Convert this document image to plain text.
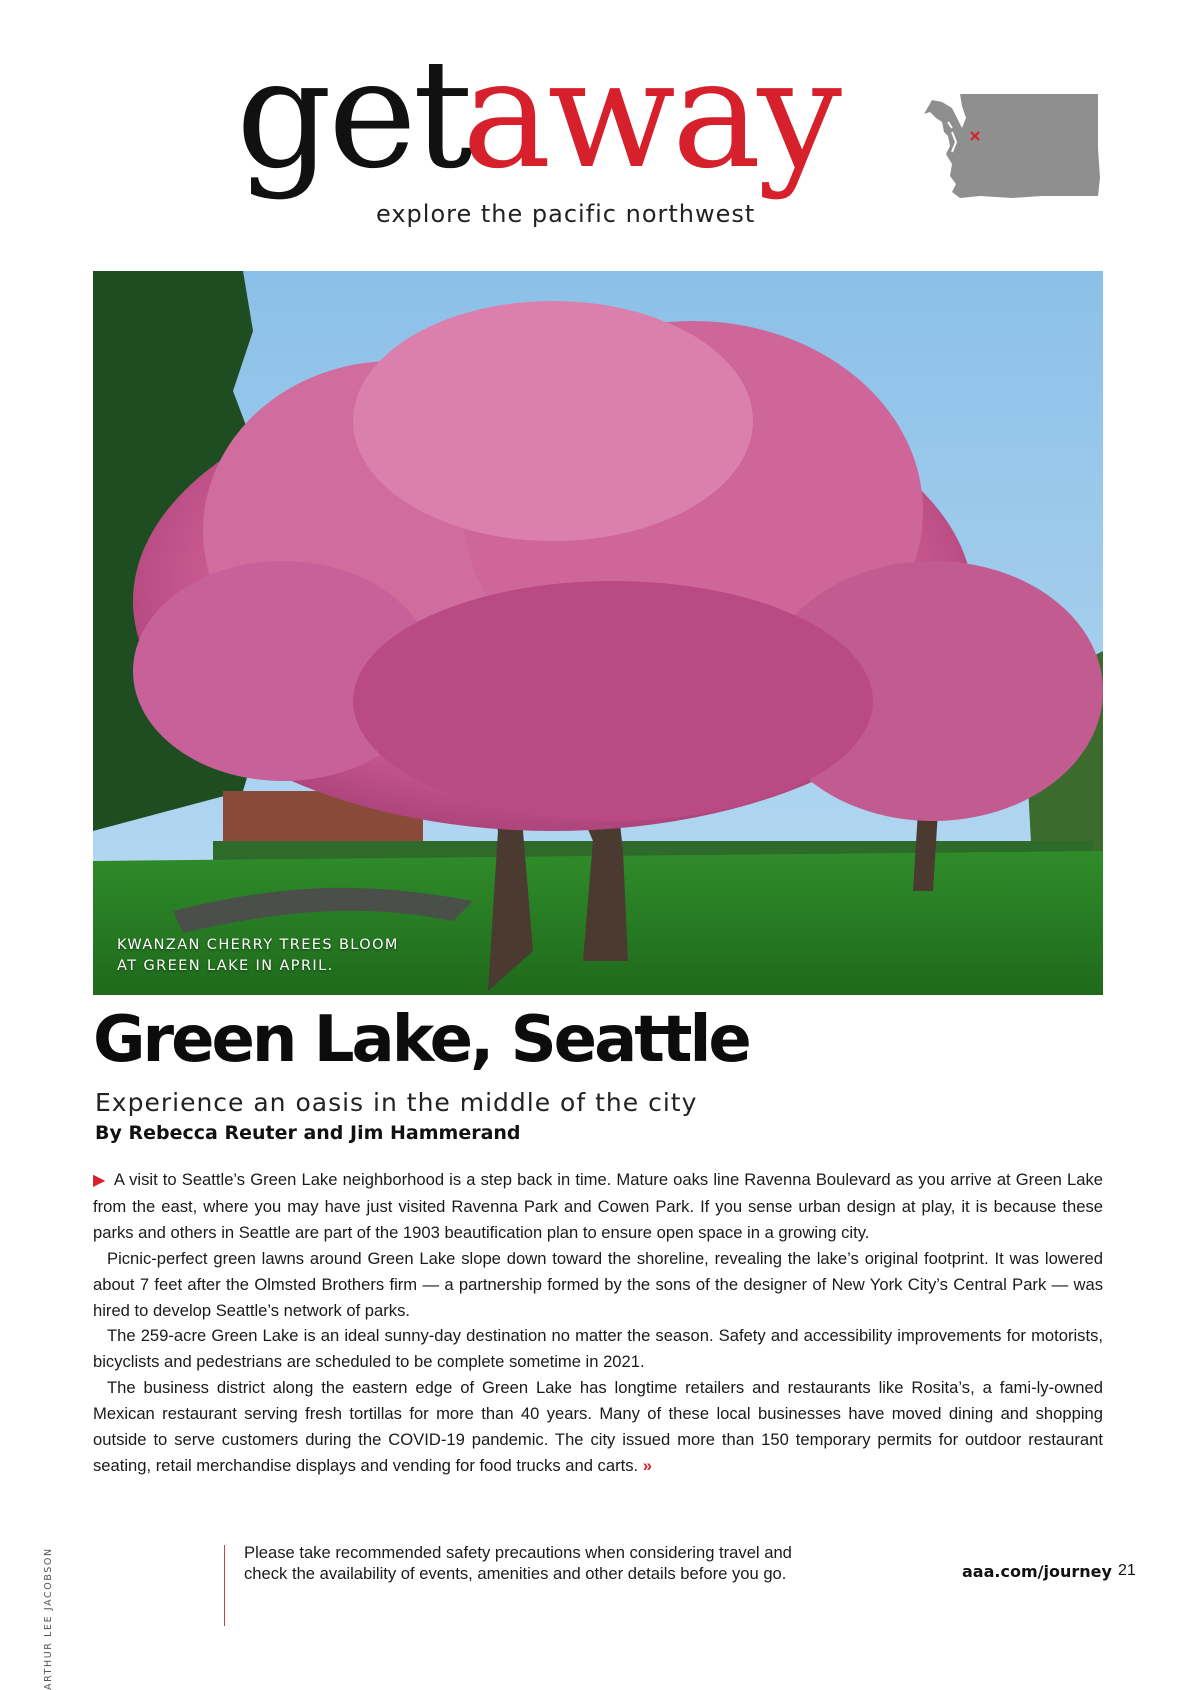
get
away
explore the pacific northwest
KWANZAN CHERRY TREES BLOOM
AT GREEN LAKE IN APRIL.
Green Lake, Seattle
Experience an oasis in the middle of the city
By Rebecca Reuter and Jim Hammerand

▶ A visit to Seattle’s Green Lake neighborhood is a step back in time. Mature oaks line Ravenna Boulevard as you arrive at Green Lake from the east, where you may have just visited Ravenna Park and Cowen Park. If you sense urban design at play, it is because these parks and others in Seattle are part of the 1903 beautification plan to ensure open space in a growing city.

Picnic-perfect green lawns around Green Lake slope down toward the shoreline, revealing the lake’s original footprint. It was lowered about 7 feet after the Olmsted Brothers firm — a partnership formed by the sons of the designer of New York City’s Central Park — was hired to develop Seattle’s network of parks.

The 259-acre Green Lake is an ideal sunny-day destination no matter the season. Safety and accessibility improvements for motorists, bicyclists and pedestrians are scheduled to be complete sometime in 2021.

The business district along the eastern edge of Green Lake has longtime retailers and restaurants like Rosita’s, a fami-ly-owned Mexican restaurant serving fresh tortillas for more than 40 years. Many of these local businesses have moved dining and shopping outside to serve customers during the COVID-19 pandemic. The city issued more than 150 temporary permits for outdoor restaurant seating, retail merchandise displays and vending for food trucks and carts. »

ARTHUR LEE JACOBSON	Please take recommended safety precautions when considering travel and
check the availability of events, amenities and other details before you go.	aaa.com/journey 21
